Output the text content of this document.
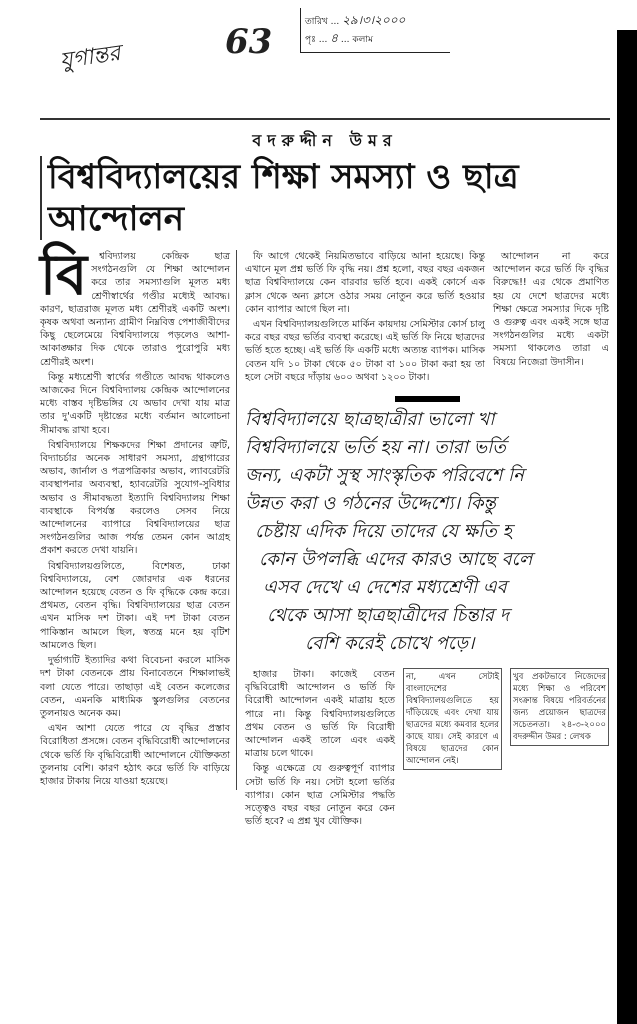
যুগান্তর	63	তারিখ ... ২৯।৩।২০০০
পৃঃ ... ৪ ... কলাম
বদরুদ্দীন উমর
বিশ্ববিদ্যালয়ের শিক্ষা সমস্যা ও ছাত্র আন্দোলন
বি	শ্ববিদ্যালয় কেন্দ্রিক ছাত্র সংগঠনগুলি যে শিক্ষা আন্দোলন করে তার সমস্যাগুলি মূলত মধ্য শ্রেণীস্বার্থের গণ্ডীর মধ্যেই আবদ্ধ। কারণ, ছাত্ররাজ মূলত মধ্য শ্রেণীরই একটি অংশ। কৃষক অথবা অন্যান্য গ্রামীণ নিম্নবিত্ত পেশাজীবীদের কিছু ছেলেমেয়ে বিশ্ববিদ্যালয়ে পড়লেও আশা-আকাঙ্ক্ষার দিক থেকে তারাও পুরোপুরি মধ্য শ্রেণীরই অংশ।

কিন্তু মধ্যশ্রেণী স্বার্থের গণ্ডীতে আবদ্ধ থাকলেও আজকের দিনে বিশ্ববিদ্যালয় কেন্দ্রিক আন্দোলনের মধ্যে বাস্তব দৃষ্টিভঙ্গির যে অভাব দেখা যায় মাত্র তার দু'একটি দৃষ্টান্তের মধ্যে বর্তমান আলোচনা সীমাবদ্ধ রাখা হবে।

বিশ্ববিদ্যালয়ে শিক্ষকদের শিক্ষা প্রদানের ত্রুটি, বিদ্যাচর্চার অনেক সাধারণ সমস্যা, গ্রন্থাগারের অভাব, জার্নাল ও পত্রপত্রিকার অভাব, ল্যাবরেটরি ব্যবস্থাপনার অব্যবস্থা, হ্যাবরেটরি সুযোগ-সুবিধার অভাব ও সীমাবদ্ধতা ইত্যাদি বিশ্ববিদ্যালয় শিক্ষা ব্যবস্থাকে বিপর্যস্ত করলেও সেসব নিয়ে আন্দোলনের ব্যাপারে বিশ্ববিদ্যালয়ের ছাত্র সংগঠনগুলির আজ পর্যন্ত তেমন কোন আগ্রহ প্রকাশ করতে দেখা যায়নি।

বিশ্ববিদ্যালয়গুলিতে, বিশেষত, ঢাকা বিশ্ববিদ্যালয়ে, বেশ জোরদার এক ধরনের আন্দোলন হয়েছে বেতন ও ফি বৃদ্ধিকে কেন্দ্র করে। প্রথমত, বেতন বৃদ্ধি। বিশ্ববিদ্যালয়ের ছাত্র বেতন এখন মাসিক দশ টাকা। এই দশ টাকা বেতন পাকিস্তান আমলে ছিল, স্বতন্ত্র মনে হয় বৃটিশ আমলেও ছিল।

দুর্ভাগ্যটি ইত্যাদির কথা বিবেচনা করলে মাসিক দশ টাকা বেতনকে প্রায় বিনাবেতনে শিক্ষালাভই বলা যেতে পারে। তাছাড়া এই বেতন কলেজের বেতন, এমনকি মাধ্যমিক স্কুলগুলির বেতনের তুলনায়ও অনেক কম।

এখন আশা যেতে পারে যে বৃদ্ধির প্রস্তাব বিরোধিতা প্রসঙ্গে। বেতন বৃদ্ধিবিরোধী আন্দোলনের থেকে ভর্তি ফি বৃদ্ধিবিরোধী আন্দোলনে যৌক্তিকতা তুলনায় বেশি। কারণ হঠাৎ করে ভর্তি ফি বাড়িয়ে হাজার টাকায় নিয়ে যাওয়া হয়েছে।

ফি আগে থেকেই নিয়মিতভাবে বাড়িয়ে আনা হয়েছে। কিন্তু এখানে মূল প্রশ্ন ভর্তি ফি বৃদ্ধি নয়। প্রশ্ন হলো, বছর বছর একজন ছাত্র বিশ্ববিদ্যালয়ে কেন বারবার ভর্তি হবে। একই কোর্সে এক ক্লাস থেকে অন্য ক্লাসে ওঠার সময় নোতুন করে ভর্তি হওয়ার কোন ব্যাপার আগে ছিল না।

এখন বিশ্ববিদ্যালয়গুলিতে মার্কিন কায়দায় সেমিস্টার কোর্স চালু করে বছর বছর ভর্তির ব্যবস্থা করেছে। এই ভর্তি ফি নিয়ে ছাত্রদের ভর্তি হতে হচ্ছে। এই ভর্তি ফি একটি মধ্যে অত্যন্ত ব্যাপক। মাসিক বেতন যদি ১০ টাকা থেকে ৫০ টাকা বা ১০০ টাকা করা হয় তা হলে সেটা বছরে দাঁড়ায় ৬০০ অথবা ১২০০ টাকা।

আন্দোলন না করে আন্দোলন করে ভর্তি ফি বৃদ্ধির বিরুদ্ধে!! এর থেকে প্রমাণিত হয় যে দেশে ছাত্রদের মধ্যে শিক্ষা ক্ষেত্রে সমস্যার দিকে দৃষ্টি ও গুরুত্ব এবং একই সঙ্গে ছাত্র সংগঠনগুলির মধ্যে একটা সমস্যা থাকলেও তারা এ বিষয়ে নিজেরা উদাসীন।

বিশ্ববিদ্যালয়ে ছাত্রছাত্রীরা ভালো খা
বিশ্ববিদ্যালয়ে ভর্তি হয় না। তারা ভর্তি
জন্য, একটা সুস্থ সাংস্কৃতিক পরিবেশে নি
উন্নত করা ও গঠনের উদ্দেশ্যে। কিন্তু
চেষ্টায় এদিক দিয়ে তাদের যে ক্ষতি হ
কোন উপলব্ধি এদের কারও আছে বলে
এসব দেখে এ দেশের মধ্যশ্রেণী এব
থেকে আসা ছাত্রছাত্রীদের চিন্তার দ
বেশি করেই চোখে পড়ে।

হাজার টাকা। কাজেই বেতন বৃদ্ধিবিরোধী আন্দোলন ও ভর্তি ফি বিরোধী আন্দোলন একই মাত্রায় হতে পারে না। কিন্তু বিশ্ববিদ্যালয়গুলিতে প্রথম বেতন ও ভর্তি ফি বিরোধী আন্দোলন একই তালে এবং একই মাত্রায় চলে থাকে।

কিন্তু এক্ষেত্রে যে গুরুত্বপূর্ণ ব্যাপার সেটা ভর্তি ফি নয়। সেটা হলো ভর্তির ব্যাপার। কোন ছাত্র সেমিস্টার পদ্ধতি সত্ত্বেও বছর বছর নোতুন করে কেন ভর্তি হবে? এ প্রশ্ন খুব যৌক্তিক।

না, এখন সেটাই বাংলাদেশের বিশ্ববিদ্যালয়গুলিতে হয় দাঁড়িয়েছে এবং দেখা যায় ছাত্রদের মধ্যে কমবার হলের কাছে যায়। সেই কারণে এ বিষয়ে ছাত্রদের কোন আন্দোলন নেই।
খুব প্রকটভাবে নিজেদের মধ্যে শিক্ষা ও পরিবেশ সংক্রান্ত বিষয়ে পরিবর্তনের জন্য প্রয়োজন ছাত্রদের সচেতনতা। ২৪-৩-২০০০ বদরুদ্দীন উমর : লেখক
